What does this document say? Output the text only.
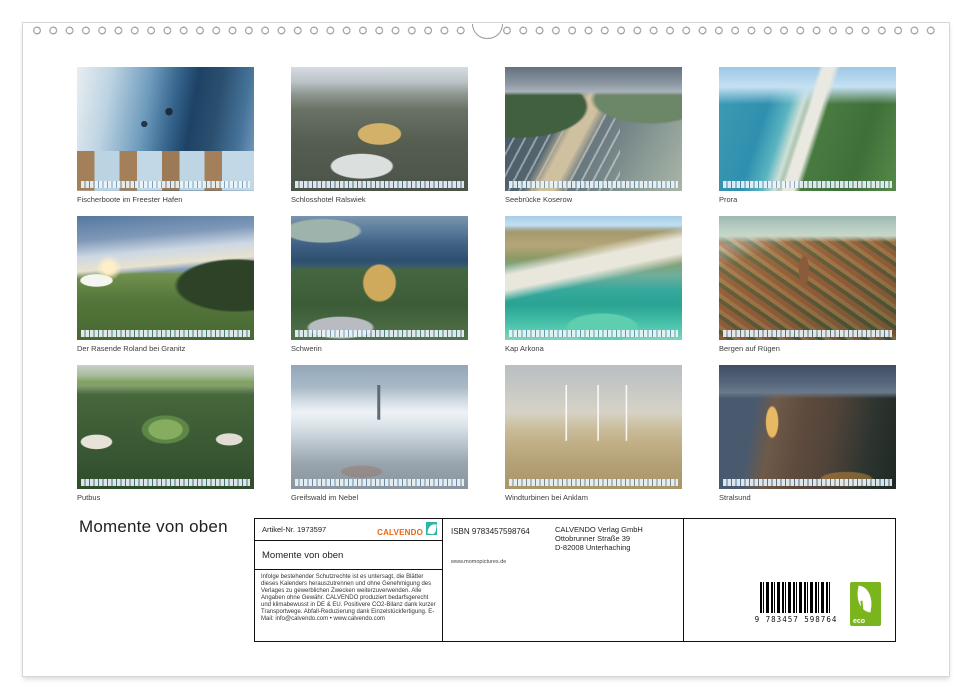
Fischerboote im Freester Hafen	Schlosshotel Ralswiek	Seebrücke Koserow	Prora
Der Rasende Roland bei Granitz	Schwerin	Kap Arkona	Bergen auf Rügen
Putbus	Greifswald im Nebel	Windturbinen bei Anklam	Stralsund
Momente von oben	Artikel-Nr. 1973597	CALVENDO
Momente von oben
Infolge bestehender Schutzrechte ist es untersagt, die Blätter dieses Kalenders herauszutrennen und ohne Genehmigung des Verlages zu gewerblichen Zwecken weiterzuverwenden. Alle Angaben ohne Gewähr. CALVENDO produziert bedarfsgerecht und klimabewusst in DE & EU. Positivere CO2-Bilanz dank kurzer Transportwege. Abfall-Reduzierung dank Einzelstückfertigung. E-Mail: info@calvendo.com • www.calvendo.com
ISBN 9783457598764	CALVENDO Verlag GmbH
Ottobrunner Straße 39
D-82008 Unterhaching
www.momopictures.de
9 783457 598764	eco
